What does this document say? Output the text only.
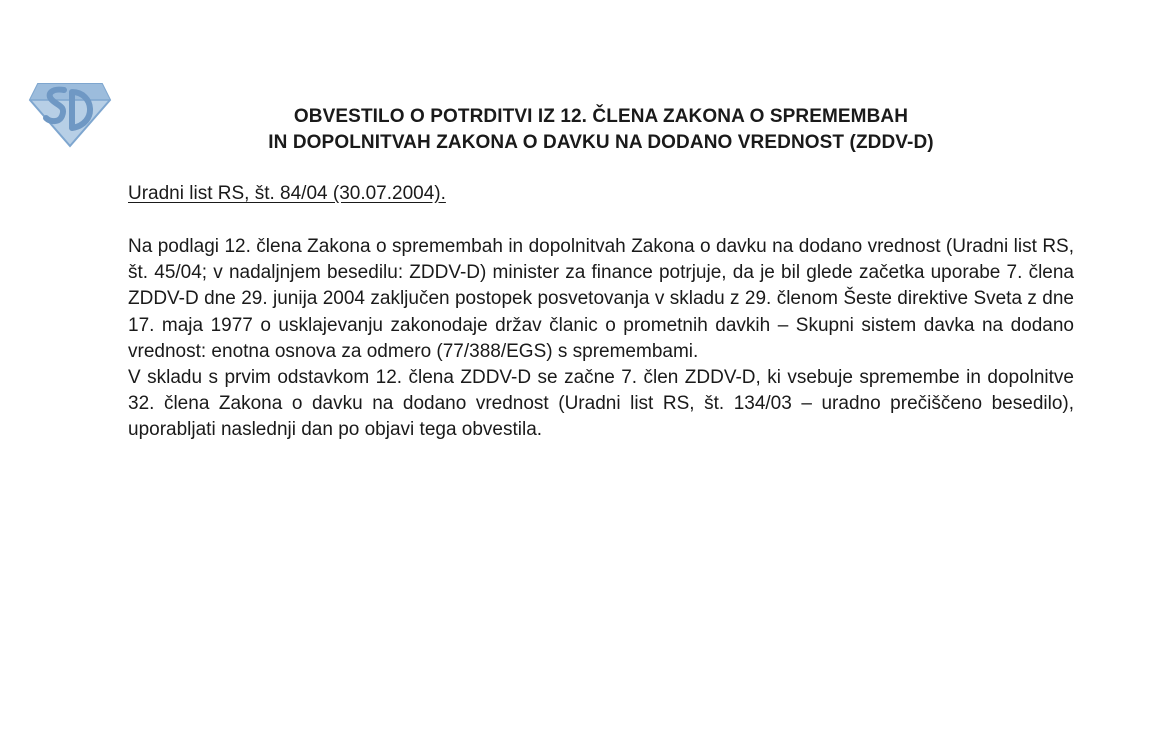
OBVESTILO O POTRDITVI IZ 12. ČLENA ZAKONA O SPREMEMBAH
IN DOPOLNITVAH ZAKONA O DAVKU NA DODANO VREDNOST (ZDDV-D)
Uradni list RS, št. 84/04 (30.07.2004).

Na podlagi 12. člena Zakona o spremembah in dopolnitvah Zakona o davku na dodano vrednost (Uradni list RS, št. 45/04; v nadaljnjem besedilu: ZDDV-D) minister za finance potrjuje, da je bil glede začetka uporabe 7. člena ZDDV-D dne 29. junija 2004 zaključen postopek posvetovanja v skladu z 29. členom Šeste direktive Sveta z dne 17. maja 1977 o usklajevanju zakonodaje držav članic o prometnih davkih – Skupni sistem davka na dodano vrednost: enotna osnova za odmero (77/388/EGS) s spremembami.

V skladu s prvim odstavkom 12. člena ZDDV-D se začne 7. člen ZDDV-D, ki vsebuje spremembe in dopolnitve 32. člena Zakona o davku na dodano vrednost (Uradni list RS, št. 134/03 – uradno prečiščeno besedilo), uporabljati naslednji dan po objavi tega obvestila.
